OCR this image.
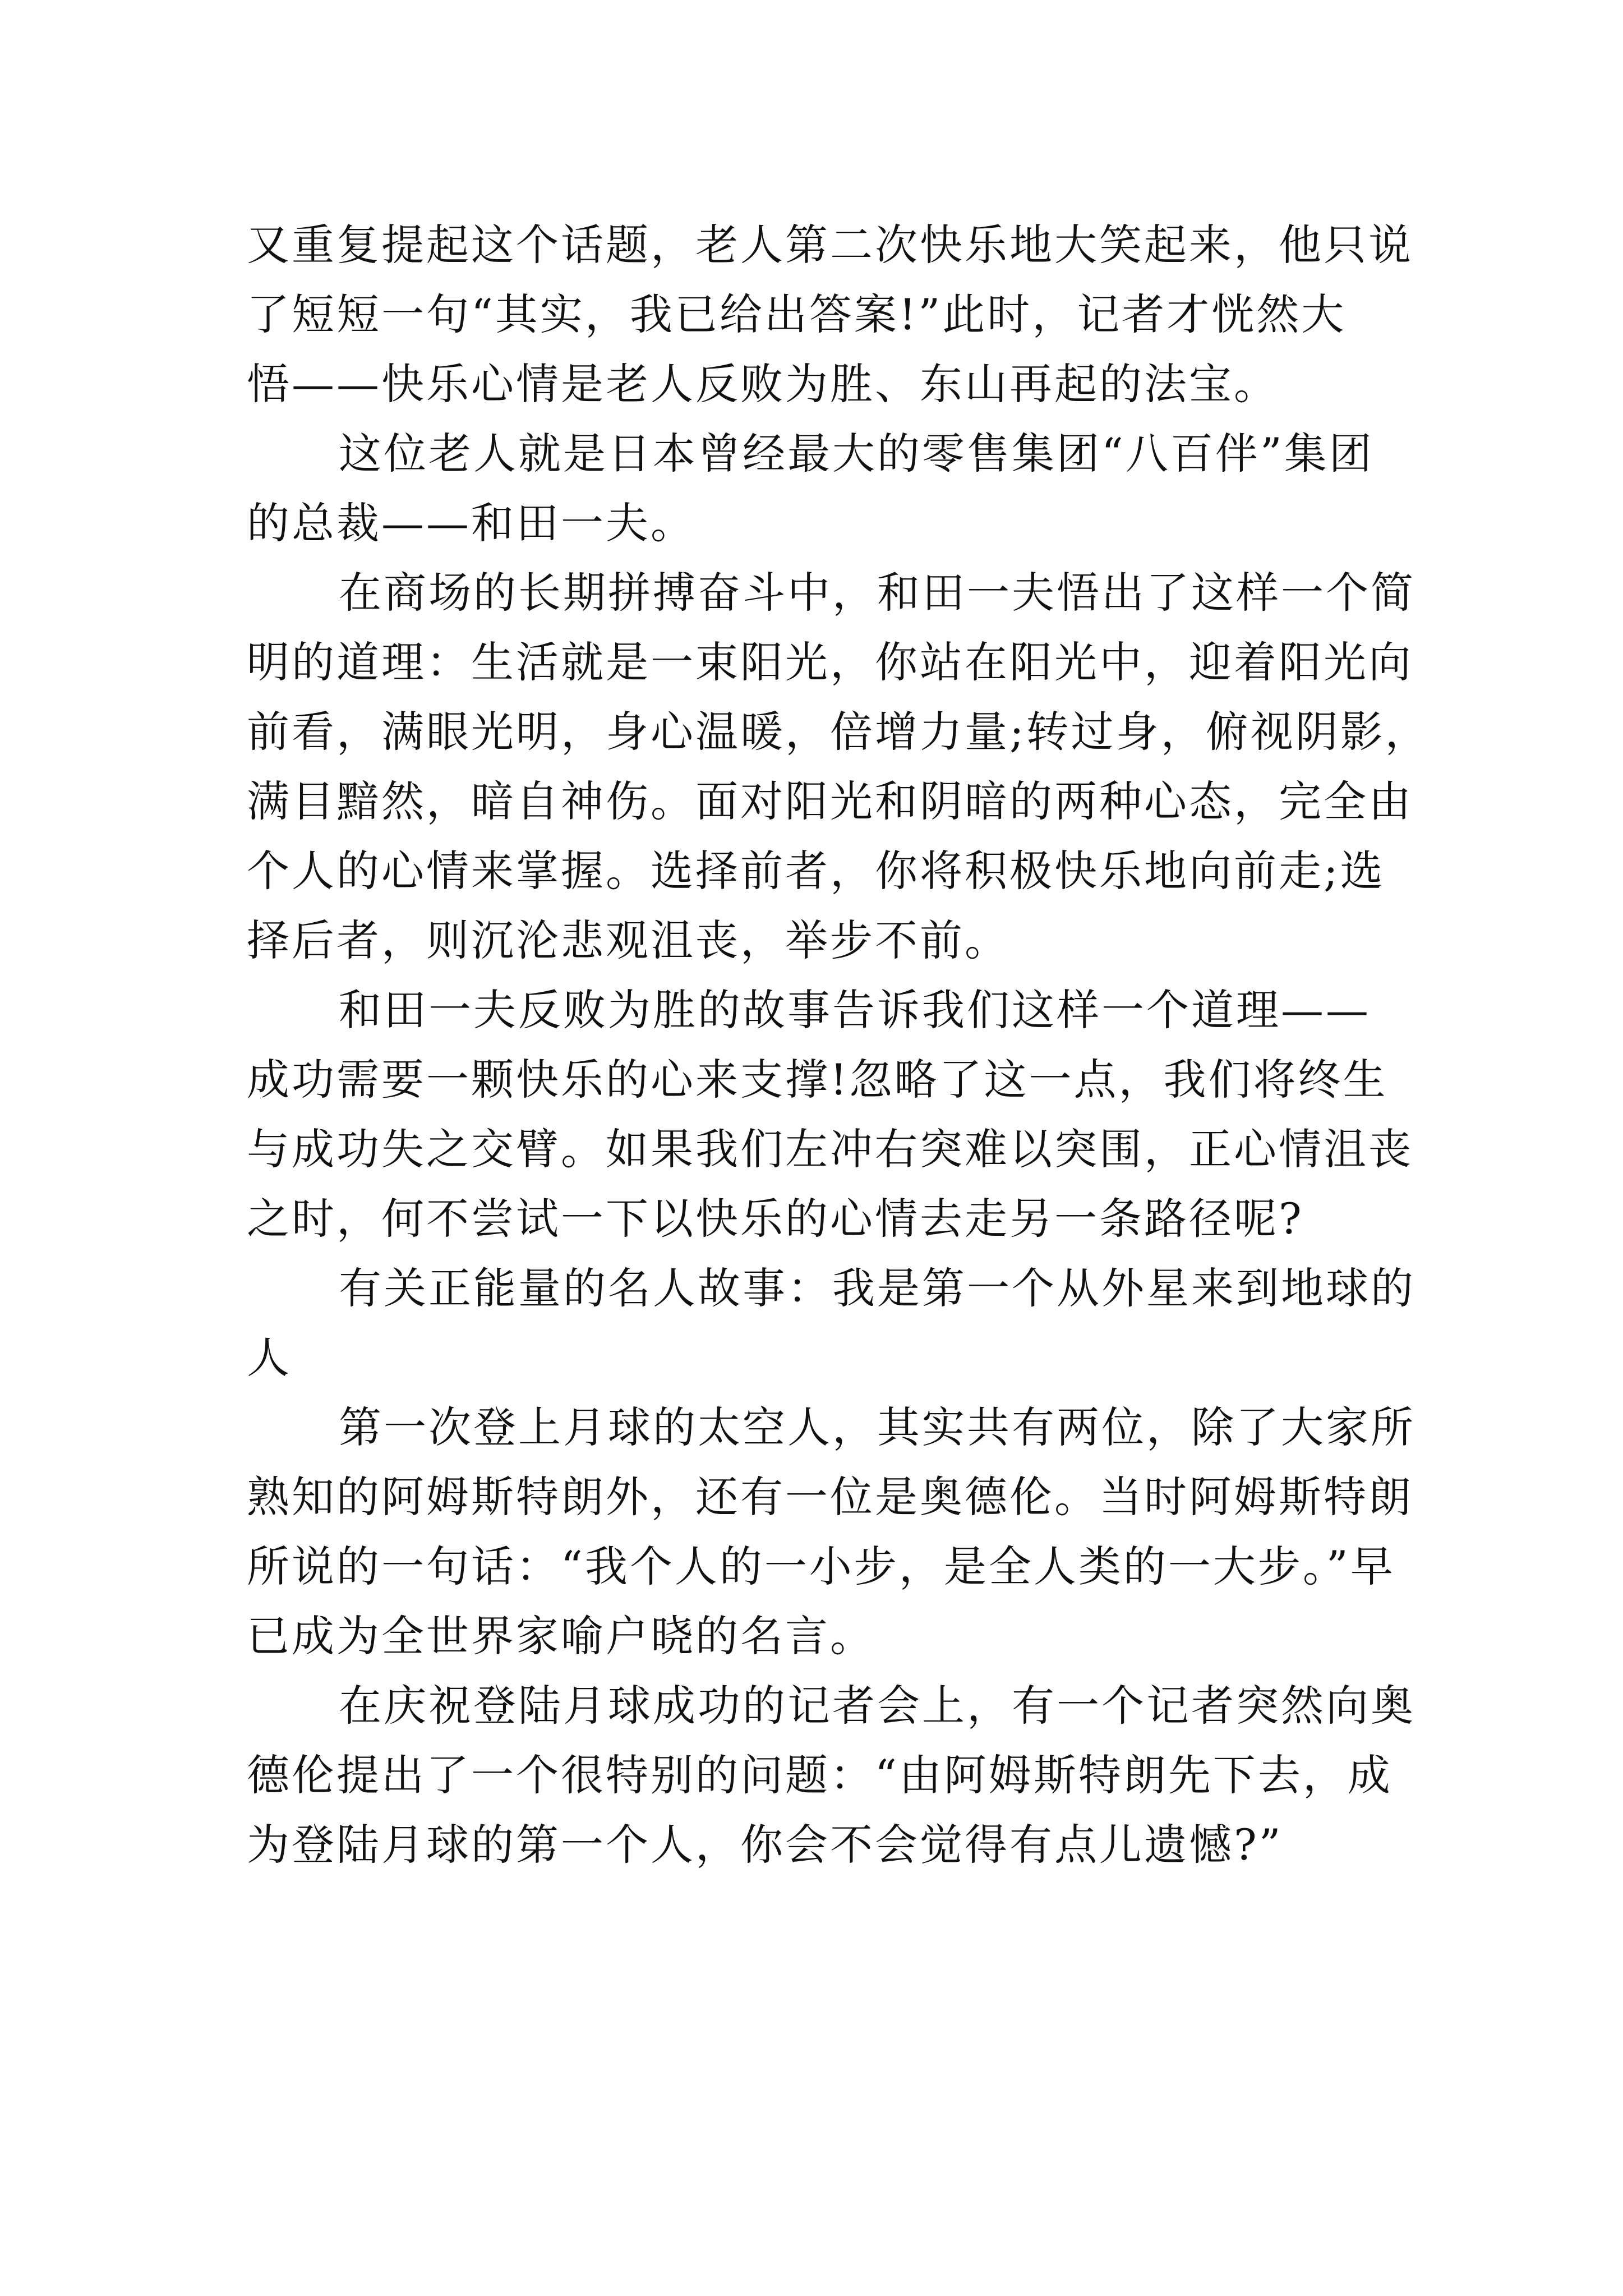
又重复提起这个话题，老人第二次快乐地大笑起来，他只说
了短短一句“其实，我已给出答案!”此时，记者才恍然大
悟——快乐心情是老人反败为胜、东山再起的法宝。
这位老人就是日本曾经最大的零售集团“八百伴”集团
的总裁——和田一夫。
在商场的长期拼搏奋斗中，和田一夫悟出了这样一个简
明的道理：生活就是一束阳光，你站在阳光中，迎着阳光向
前看，满眼光明，身心温暖，倍增力量;转过身，俯视阴影，
满目黯然，暗自神伤。面对阳光和阴暗的两种心态，完全由
个人的心情来掌握。选择前者，你将积极快乐地向前走;选
择后者，则沉沦悲观沮丧，举步不前。
和田一夫反败为胜的故事告诉我们这样一个道理——
成功需要一颗快乐的心来支撑!忽略了这一点，我们将终生
与成功失之交臂。如果我们左冲右突难以突围，正心情沮丧
之时，何不尝试一下以快乐的心情去走另一条路径呢?
有关正能量的名人故事：我是第一个从外星来到地球的
人
第一次登上月球的太空人，其实共有两位，除了大家所
熟知的阿姆斯特朗外，还有一位是奥德伦。当时阿姆斯特朗
所说的一句话：“我个人的一小步，是全人类的一大步。”早
已成为全世界家喻户晓的名言。
在庆祝登陆月球成功的记者会上，有一个记者突然向奥
德伦提出了一个很特别的问题：“由阿姆斯特朗先下去，成
为登陆月球的第一个人，你会不会觉得有点儿遗憾?”
